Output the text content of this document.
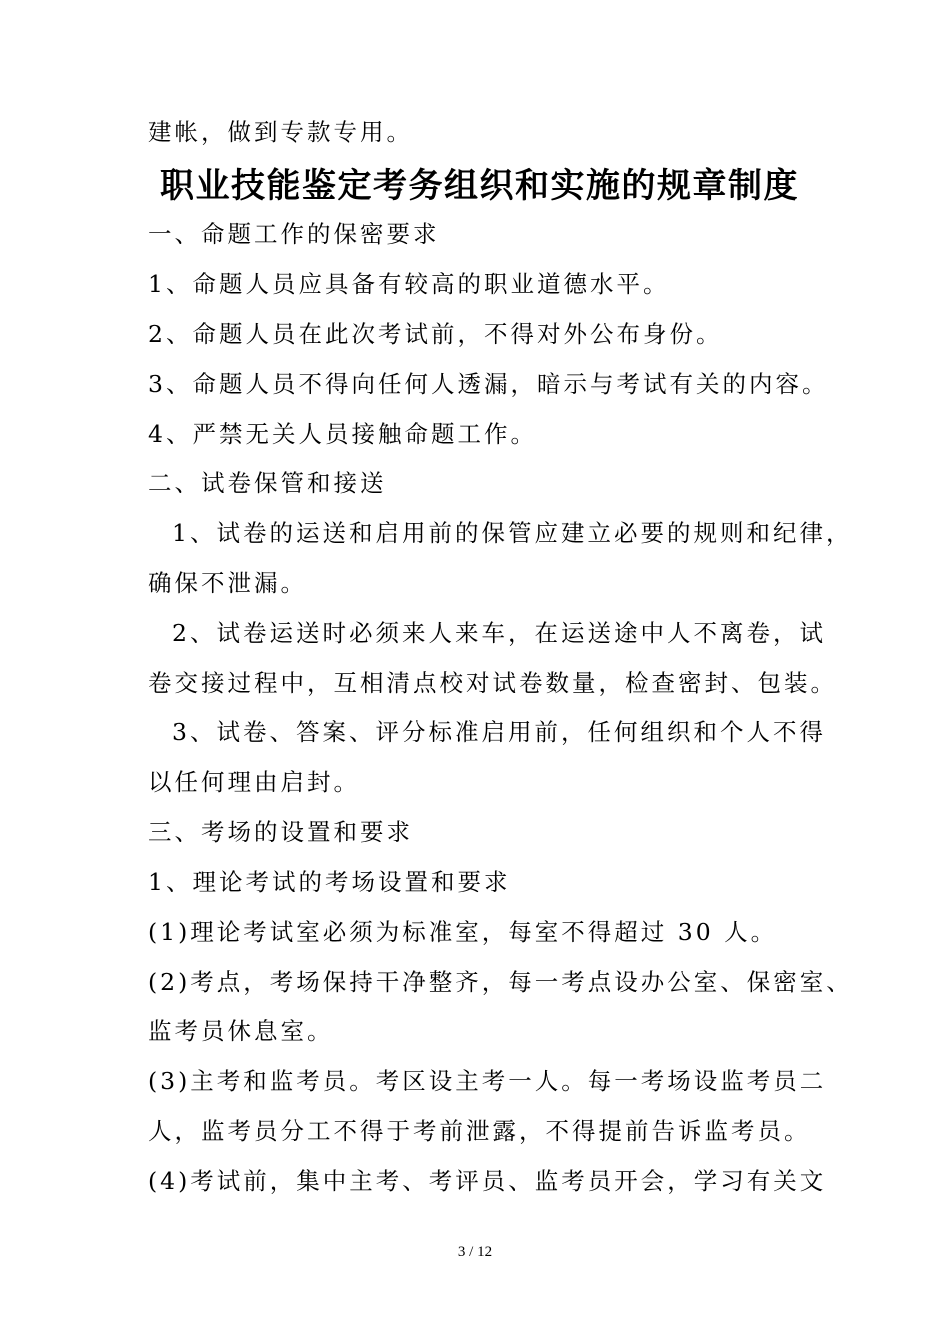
建帐，做到专款专用。
职业技能鉴定考务组织和实施的规章制度
一、命题工作的保密要求
1、命题人员应具备有较高的职业道德水平。
2、命题人员在此次考试前，不得对外公布身份。
3、命题人员不得向任何人透漏，暗示与考试有关的内容。
4、严禁无关人员接触命题工作。
二、试卷保管和接送
1、试卷的运送和启用前的保管应建立必要的规则和纪律，
确保不泄漏。
2、试卷运送时必须来人来车，在运送途中人不离卷，试
卷交接过程中，互相清点校对试卷数量，检查密封、包装。
3、试卷、答案、评分标准启用前，任何组织和个人不得
以任何理由启封。
三、考场的设置和要求
1、理论考试的考场设置和要求
(1)理论考试室必须为标准室，每室不得超过 30 人。
(2)考点，考场保持干净整齐，每一考点设办公室、保密室、
监考员休息室。
(3)主考和监考员。考区设主考一人。每一考场设监考员二
人，监考员分工不得于考前泄露，不得提前告诉监考员。
(4)考试前，集中主考、考评员、监考员开会，学习有关文
3 / 12
